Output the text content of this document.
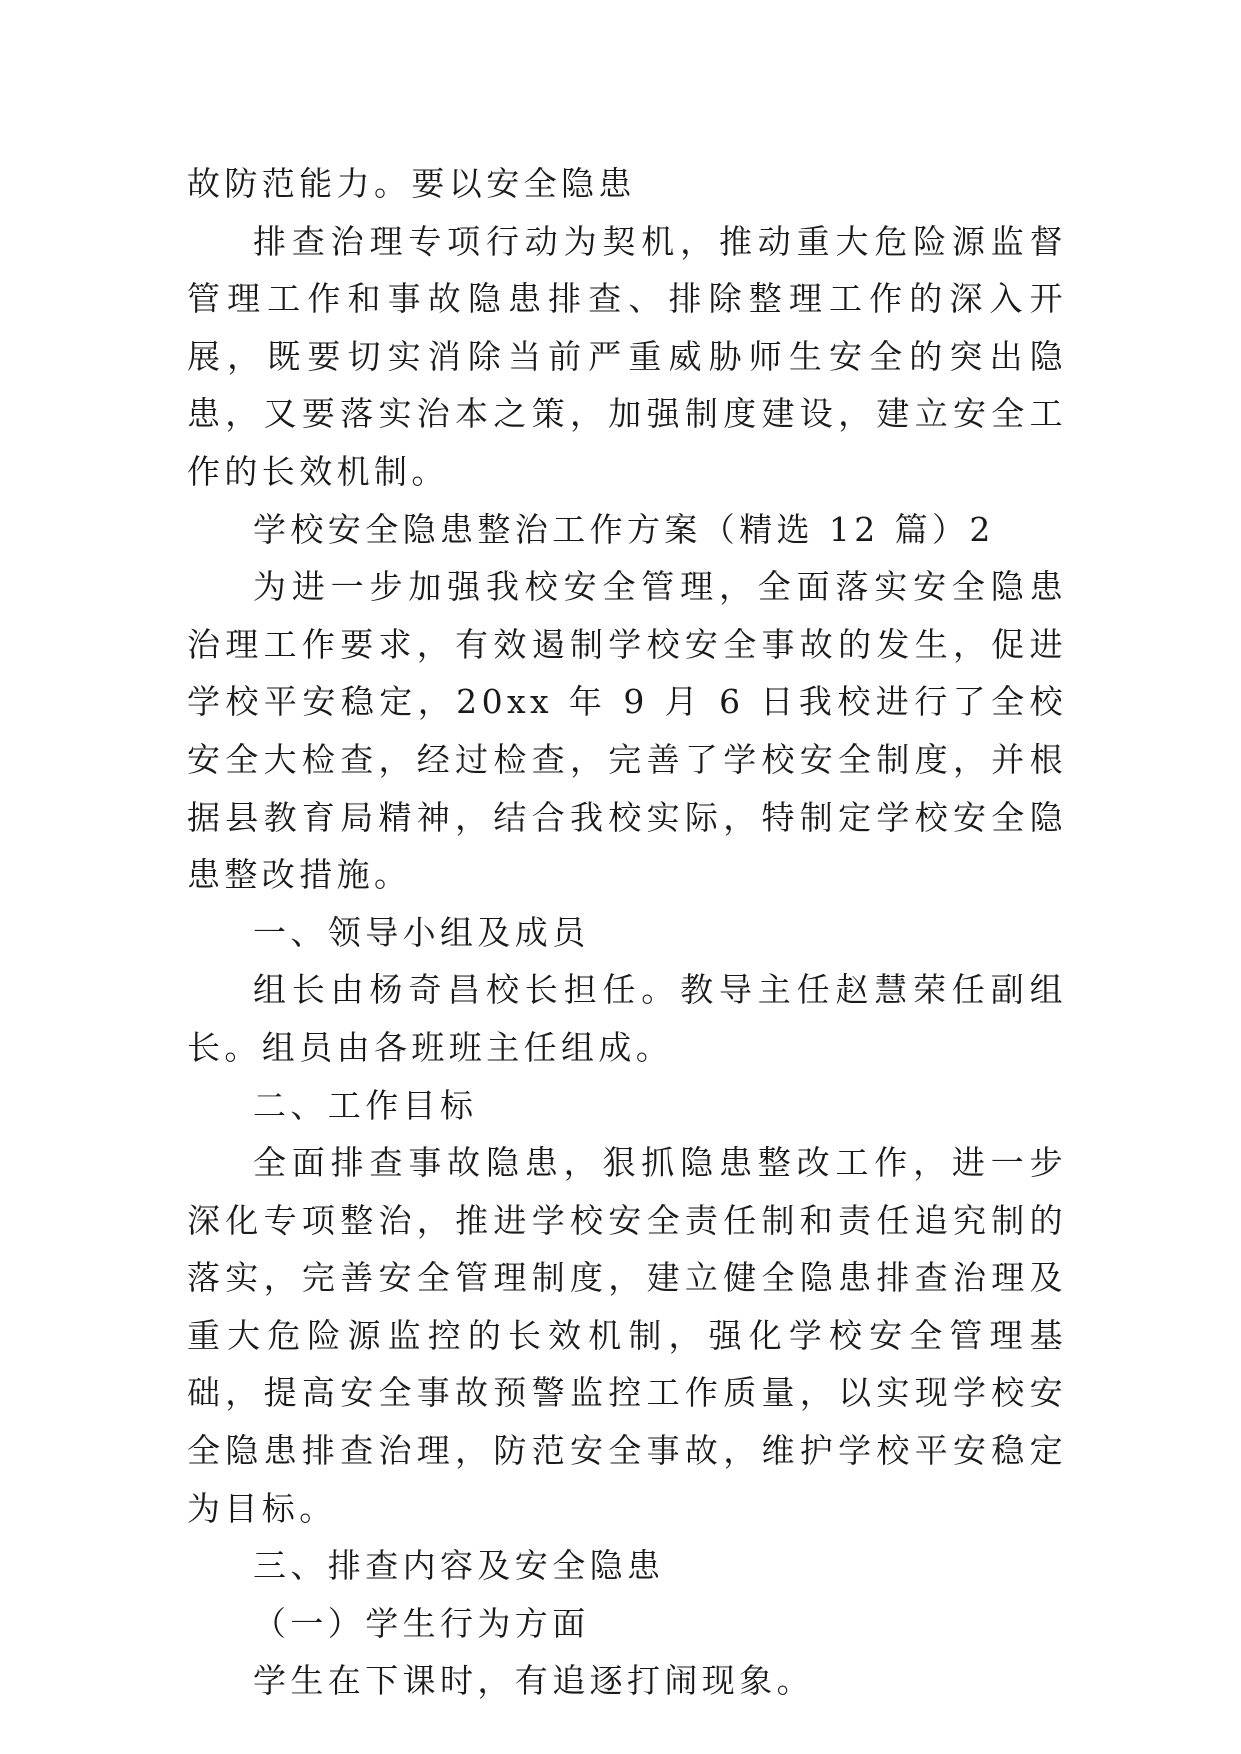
故防范能力。要以安全隐患

排查治理专项行动为契机，推动重大危险源监督管理工作和事故隐患排查、排除整理工作的深入开展，既要切实消除当前严重威胁师生安全的突出隐患，又要落实治本之策，加强制度建设，建立安全工作的长效机制。

学校安全隐患整治工作方案（精选 12 篇）2

为进一步加强我校安全管理，全面落实安全隐患治理工作要求，有效遏制学校安全事故的发生，促进学校平安稳定，20xx 年 9 月 6 日我校进行了全校安全大检查，经过检查，完善了学校安全制度，并根据县教育局精神，结合我校实际，特制定学校安全隐患整改措施。

一、领导小组及成员

组长由杨奇昌校长担任。教导主任赵慧荣任副组长。组员由各班班主任组成。

二、工作目标

全面排查事故隐患，狠抓隐患整改工作，进一步深化专项整治，推进学校安全责任制和责任追究制的落实，完善安全管理制度，建立健全隐患排查治理及重大危险源监控的长效机制，强化学校安全管理基础，提高安全事故预警监控工作质量，以实现学校安全隐患排查治理，防范安全事故，维护学校平安稳定为目标。

三、排查内容及安全隐患

（一）学生行为方面

学生在下课时，有追逐打闹现象。
